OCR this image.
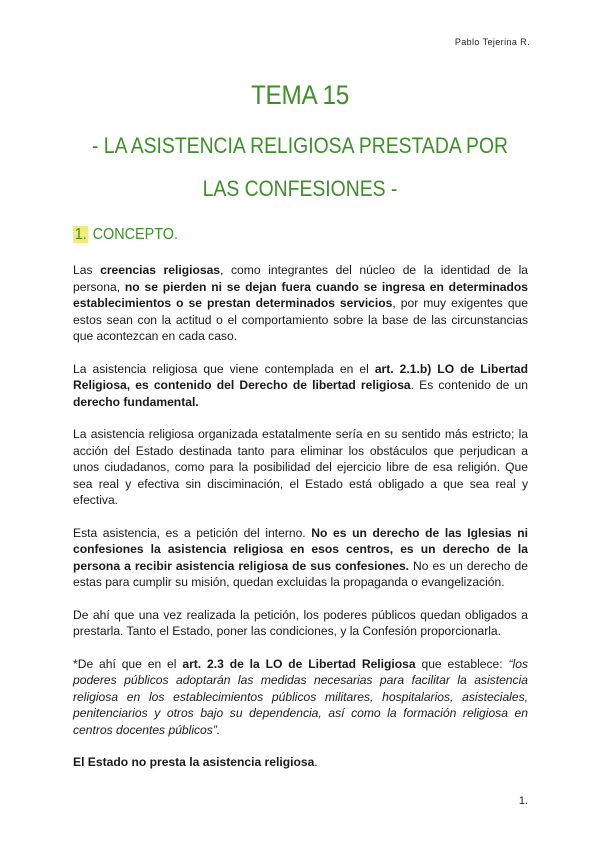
Pablo Tejerina R.
TEMA 15
- LA ASISTENCIA RELIGIOSA PRESTADA POR LAS CONFESIONES -
1. CONCEPTO.

Las creencias religiosas, como integrantes del núcleo de la identidad de la persona, no se pierden ni se dejan fuera cuando se ingresa en determinados establecimientos o se prestan determinados servicios, por muy exigentes que estos sean con la actitud o el comportamiento sobre la base de las circunstancias que acontezcan en cada caso.

La asistencia religiosa que viene contemplada en el art. 2.1.b) LO de Libertad Religiosa, es contenido del Derecho de libertad religiosa. Es contenido de un derecho fundamental.

La asistencia religiosa organizada estatalmente sería en su sentido más estricto; la acción del Estado destinada tanto para eliminar los obstáculos que perjudican a unos ciudadanos, como para la posibilidad del ejercicio libre de esa religión. Que sea real y efectiva sin disciminación, el Estado está obligado a que sea real y efectiva.

Esta asistencia, es a petición del interno. No es un derecho de las Iglesias ni confesiones la asistencia religiosa en esos centros, es un derecho de la persona a recibir asistencia religiosa de sus confesiones. No es un derecho de estas para cumplir su misión, quedan excluidas la propaganda o evangelización.

De ahí que una vez realizada la petición, los poderes públicos quedan obligados a prestarla. Tanto el Estado, poner las condiciones, y la Confesión proporcionarla.

*De ahí que en el art. 2.3 de la LO de Libertad Religiosa que establece: “los poderes públicos adoptarán las medidas necesarias para facilitar la asistencia religiosa en los establecimientos públicos militares, hospitalarios, asisteciales, penitenciarios y otros bajo su dependencia, así como la formación religiosa en centros docentes públicos”.

El Estado no presta la asistencia religiosa.

1.
